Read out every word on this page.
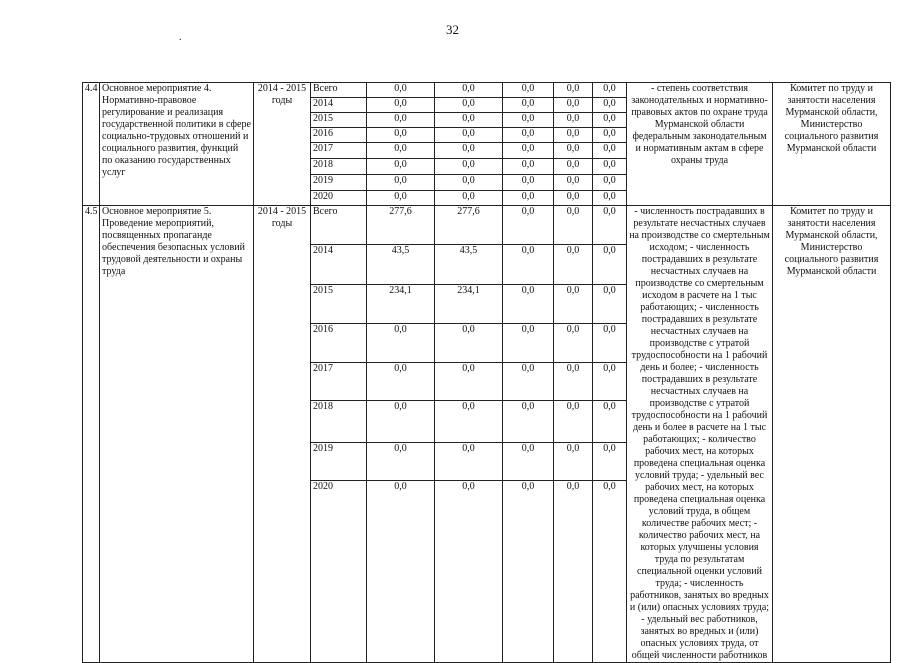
32
.
4.4	Основное мероприятие 4. Нормативно-правовое регулирование и реализация государственной политики в сфере социально-трудовых отношений и социального развития, функций по оказанию государственных услуг	2014 - 2015 годы	Всего	0,0	0,0	0,0	0,0	0,0	- степень соответствия законодательных и нормативно-правовых актов по охране труда Мурманской области федеральным законодательным и нормативным актам в сфере охраны труда	Комитет по труду и занятости населения Мурманской области, Министерство социального развития Мурманской области
			2014	0,0	0,0	0,0	0,0	0,0		
			2015	0,0	0,0	0,0	0,0	0,0		
			2016	0,0	0,0	0,0	0,0	0,0		
			2017	0,0	0,0	0,0	0,0	0,0		
			2018	0,0	0,0	0,0	0,0	0,0		
			2019	0,0	0,0	0,0	0,0	0,0		
			2020	0,0	0,0	0,0	0,0	0,0		
4.5	Основное мероприятие 5. Проведение мероприятий, посвященных пропаганде обеспечения безопасных условий трудовой деятельности и охраны труда	2014 - 2015 годы	Всего	277,6	277,6	0,0	0,0	0,0	- численность пострадавших в результате несчастных случаев на производстве со смертельным исходом; - численность пострадавших в результате несчастных случаев на производстве со смертельным исходом в расчете на 1 тыс работающих; - численность пострадавших в результате несчастных случаев на производстве с утратой трудоспособности на 1 рабочий день и более; - численность пострадавших в результате несчастных случаев на производстве с утратой трудоспособности на 1 рабочий день и более в расчете на 1 тыс работающих; - количество рабочих мест, на которых проведена специальная оценка условий труда; - удельный вес рабочих мест, на которых проведена специальная оценка условий труда, в общем количестве рабочих мест; - количество рабочих мест, на которых улучшены условия труда по результатам специальной оценки условий труда; - численность работников, занятых во вредных и (или) опасных условиях труда; - удельный вес работников, занятых во вредных и (или) опасных условиях труда, от общей численности работников	Комитет по труду и занятости населения Мурманской области, Министерство социального развития Мурманской области
			2014	43,5	43,5	0,0	0,0	0,0		
			2015	234,1	234,1	0,0	0,0	0,0		
			2016	0,0	0,0	0,0	0,0	0,0		
			2017	0,0	0,0	0,0	0,0	0,0		
			2018	0,0	0,0	0,0	0,0	0,0		
			2019	0,0	0,0	0,0	0,0	0,0		
			2020	0,0	0,0	0,0	0,0	0,0		
